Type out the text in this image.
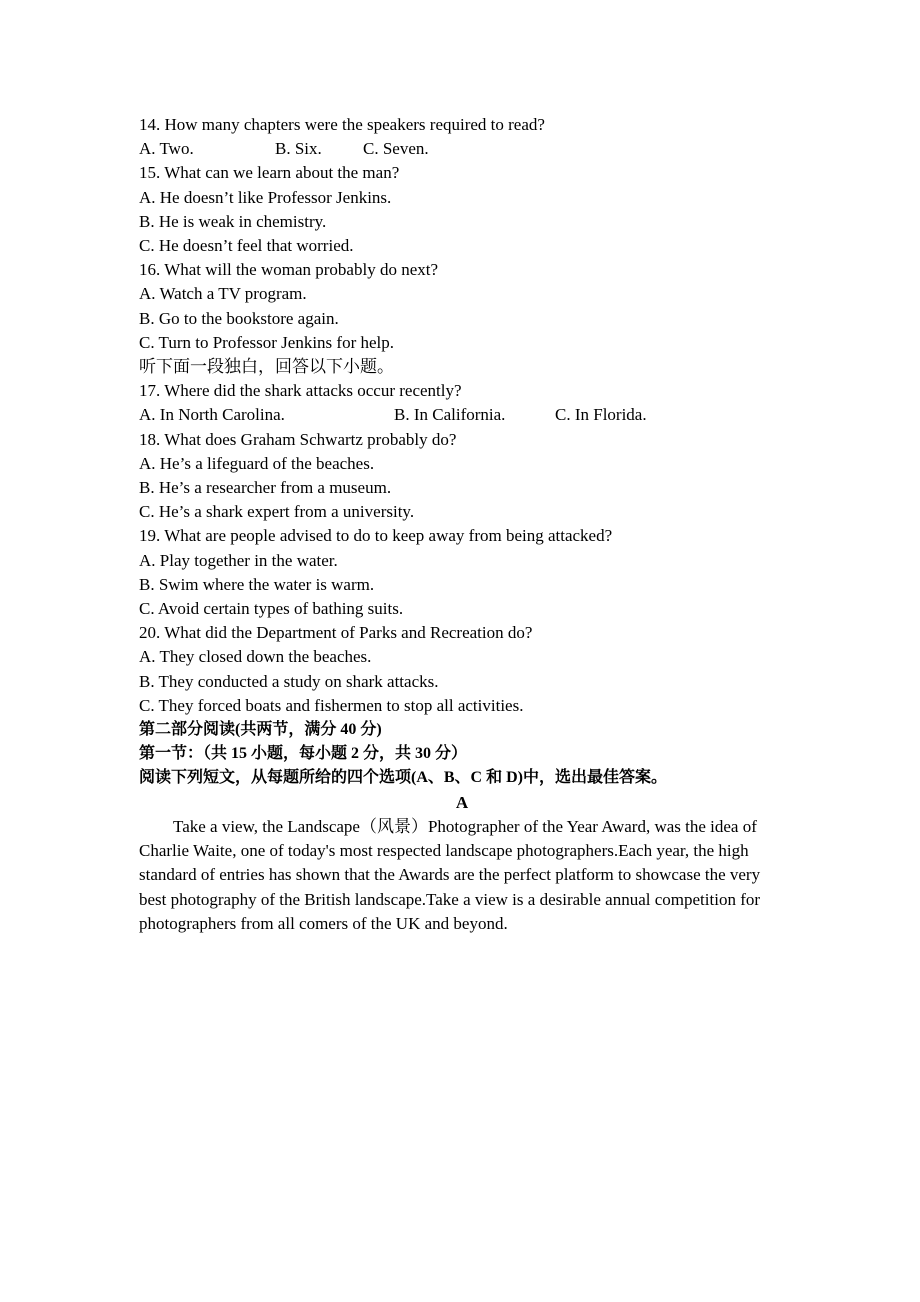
14. How many chapters were the speakers required to read?
A. Two.	B. Six. C. Seven.
15. What can we learn about the man?
A. He doesn’t like Professor Jenkins.
B. He is weak in chemistry.
C. He doesn’t feel that worried.
16. What will the woman probably do next?
A. Watch a TV program.
B. Go to the bookstore again.
C. Turn to Professor Jenkins for help.
听下面一段独白，回答以下小题。
17. Where did the shark attacks occur recently?
A. In North Carolina.	B. In California.	C. In Florida.
18. What does Graham Schwartz probably do?
A. He’s a lifeguard of the beaches.
B. He’s a researcher from a museum.
C. He’s a shark expert from a university.
19. What are people advised to do to keep away from being attacked?
A. Play together in the water.
B. Swim where the water is warm.
C. Avoid certain types of bathing suits.
20. What did the Department of Parks and Recreation do?
A. They closed down the beaches.
B. They conducted a study on shark attacks.
C. They forced boats and fishermen to stop all activities.
第二部分阅读(共两节，满分 40 分)
第一节：（共 15 小题，每小题 2 分，共 30 分）
阅读下列短文，从每题所给的四个选项(A、B、C 和 D)中，选出最佳答案。
A
Take a view, the Landscape（风景）Photographer of the Year Award, was the idea of Charlie Waite, one of today's most respected landscape photographers.Each year, the high standard of entries has shown that the Awards are the perfect platform to showcase the very best photography of the British landscape.Take a view is a desirable annual competition for photographers from all comers of the UK and beyond.
